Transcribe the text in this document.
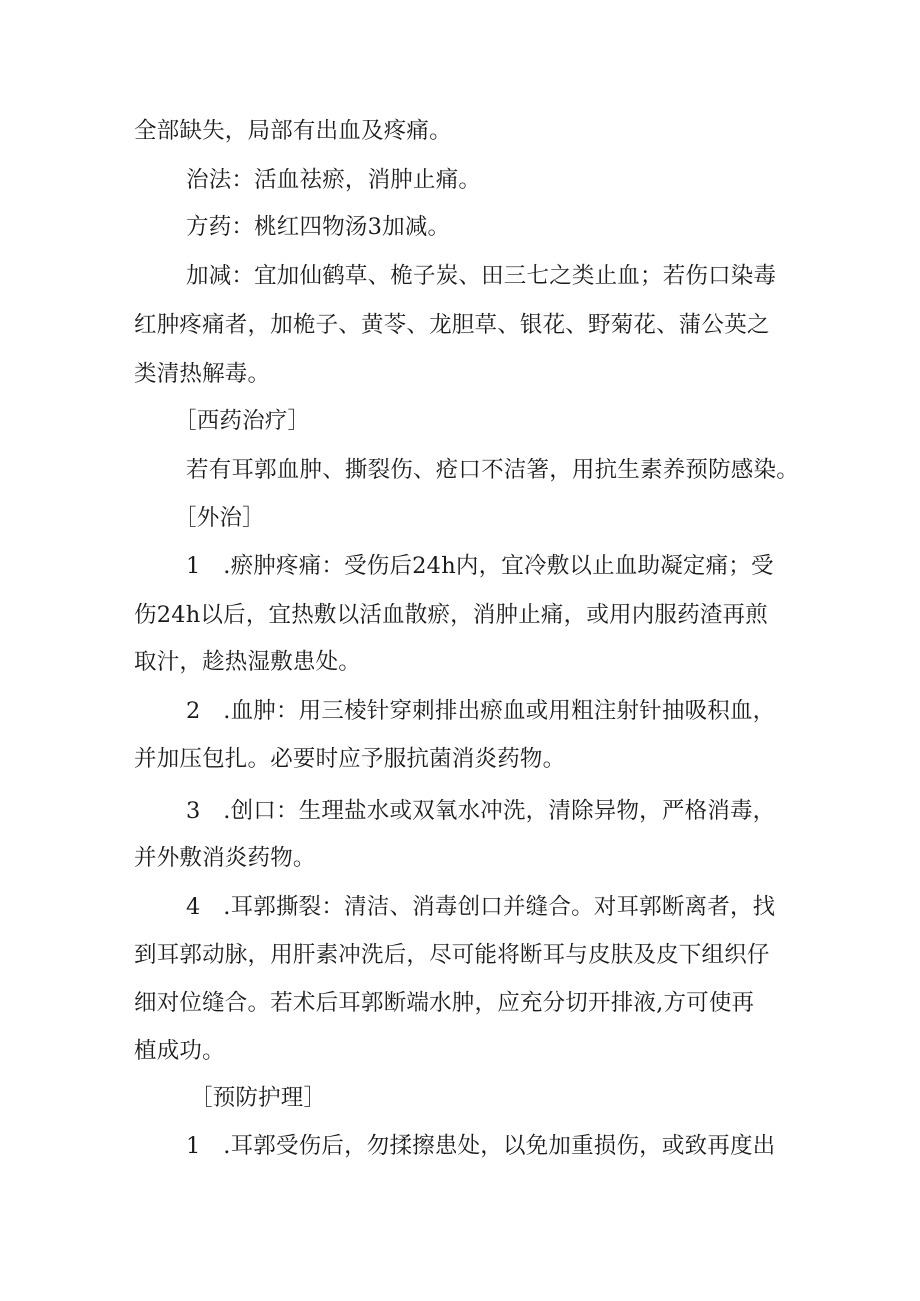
全部缺失，局部有出血及疼痛。
治法：活血祛瘀，消肿止痛。
方药：桃红四物汤3加减。
加减：宜加仙鹤草、桅子炭、田三七之类止血；若伤口染毒
红肿疼痛者，加桅子、黄苓、龙胆草、银花、野菊花、蒲公英之
类清热解毒。
［西药治疗］
若有耳郭血肿、撕裂伤、疮口不洁箸，用抗生素养预防感染。
［外治］
1　.瘀肿疼痛：受伤后24h内，宜冷敷以止血助凝定痛；受
伤24h以后，宜热敷以活血散瘀，消肿止痛，或用内服药渣再煎
取汁，趁热湿敷患处。
2　.血肿：用三棱针穿刺排出瘀血或用粗注射针抽吸积血，
并加压包扎。必要时应予服抗菌消炎药物。
3　.创口：生理盐水或双氧水冲洗，清除异物，严格消毒，
并外敷消炎药物。
4　.耳郭撕裂：清洁、消毒创口并缝合。对耳郭断离者，找
到耳郭动脉，用肝素冲洗后，尽可能将断耳与皮肤及皮下组织仔
细对位缝合。若术后耳郭断端水肿，应充分切开排液,方可使再
植成功。
［预防护理］
1　.耳郭受伤后，勿揉擦患处，以免加重损伤，或致再度出
